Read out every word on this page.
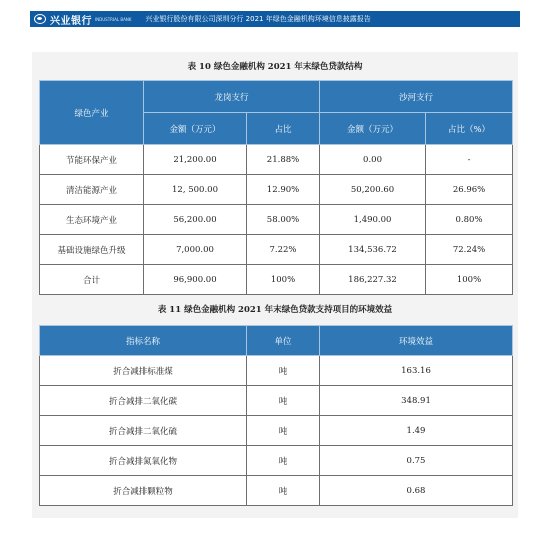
兴业银行 INDUSTRIAL BANK 兴业银行股份有限公司深圳分行 2021 年绿色金融机构环境信息披露报告
表 10 绿色金融机构 2021 年末绿色贷款结构
绿色产业	龙岗支行		沙河支行	
	金额（万元）	占比	金额（万元）	占比（%）
节能环保产业	21,200.00	21.88%	0.00	-
清洁能源产业	12, 500.00	12.90%	50,200.60	26.96%
生态环境产业	56,200.00	58.00%	1,490.00	0.80%
基础设施绿色升级	7,000.00	7.22%	134,536.72	72.24%
合计	96,900.00	100%	186,227.32	100%
表 11 绿色金融机构 2021 年末绿色贷款支持项目的环境效益
指标名称	单位	环境效益
折合减排标准煤	吨	163.16
折合减排二氧化碳	吨	348.91
折合减排二氧化硫	吨	1.49
折合减排氮氧化物	吨	0.75
折合减排颗粒物	吨	0.68
